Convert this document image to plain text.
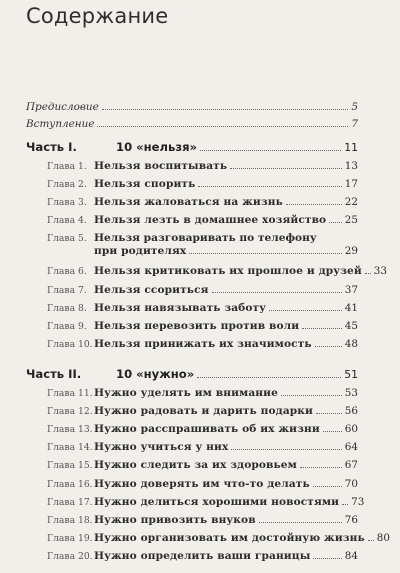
Содержание
Предисловие	5
Вступление	7
Часть I.	10 «нельзя»	11
Глава 1. Нельзя воспитывать	13
Глава 2. Нельзя спорить	17
Глава 3. Нельзя жаловаться на жизнь	22
Глава 4. Нельзя лезть в домашнее хозяйство 25
Глава 5. Нельзя разговаривать по телефону
при родителях	29
Глава 6. Нельзя критиковать их прошлое и друзей 33
Глава 7. Нельзя ссориться	37
Глава 8. Нельзя навязывать заботу	41
Глава 9. Нельзя перевозить против воли	45
Глава 10. Нельзя принижать их значимость	48
Часть II.	10 «нужно»	51
Глава 11. Нужно уделять им внимание	53
Глава 12. Нужно радовать и дарить подарки	56
Глава 13. Нужно расспрашивать об их жизни 60
Глава 14. Нужно учиться у них	64
Глава 15. Нужно следить за их здоровьем	67
Глава 16. Нужно доверять им что-то делать	70
Глава 17. Нужно делиться хорошими новостями 73
Глава 18. Нужно привозить внуков	76
Глава 19. Нужно организовать им достойную жизнь 80
Глава 20. Нужно определить ваши границы	84
